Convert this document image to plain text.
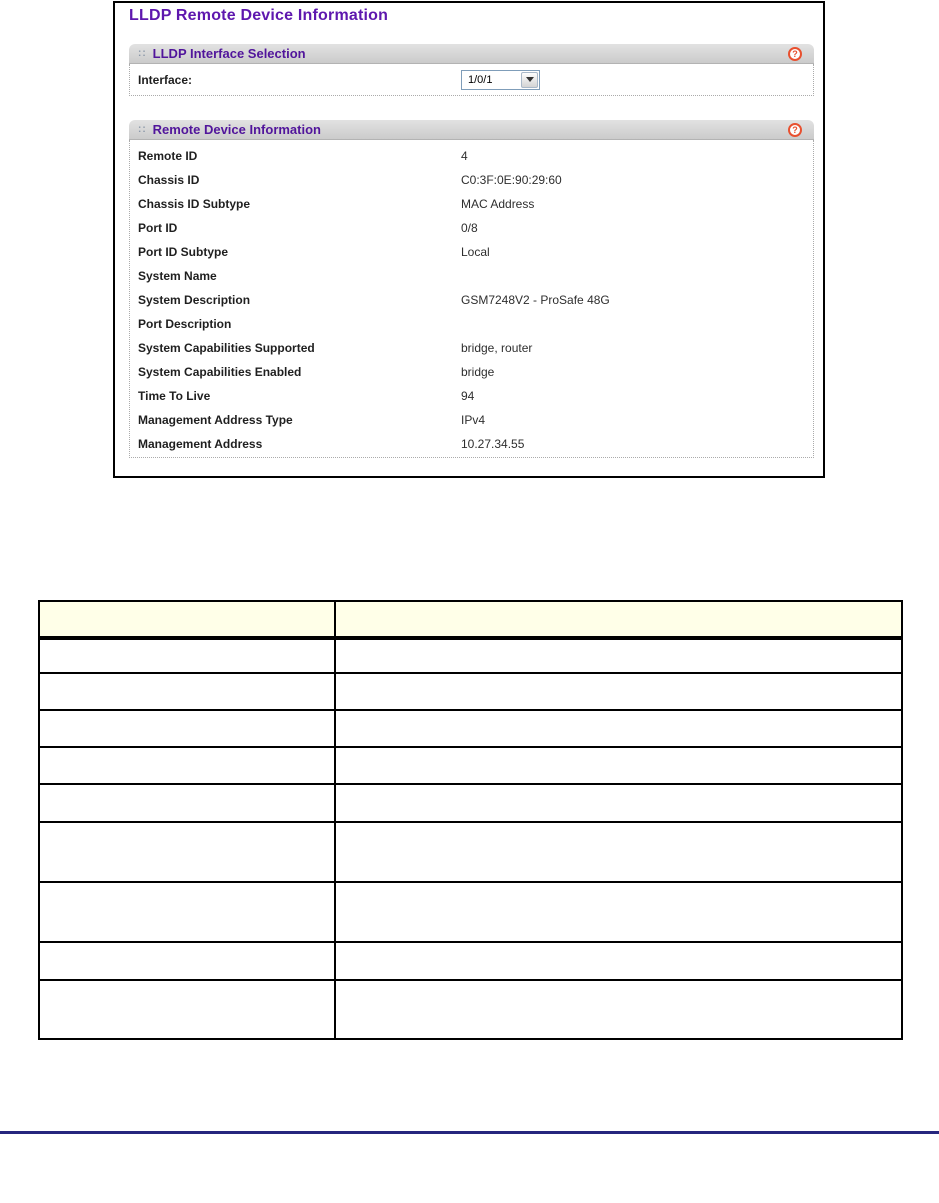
LLDP Remote Device Information
:: LLDP Interface Selection	?
Interface:	1/0/1
:: Remote Device Information	?
Remote ID	4
Chassis ID	C0:3F:0E:90:29:60
Chassis ID Subtype	MAC Address
Port ID	0/8
Port ID Subtype	Local
System Name
System Description	GSM7248V2 - ProSafe 48G
Port Description
System Capabilities Supported	bridge, router
System Capabilities Enabled	bridge
Time To Live	94
Management Address Type	IPv4
Management Address	10.27.34.55
